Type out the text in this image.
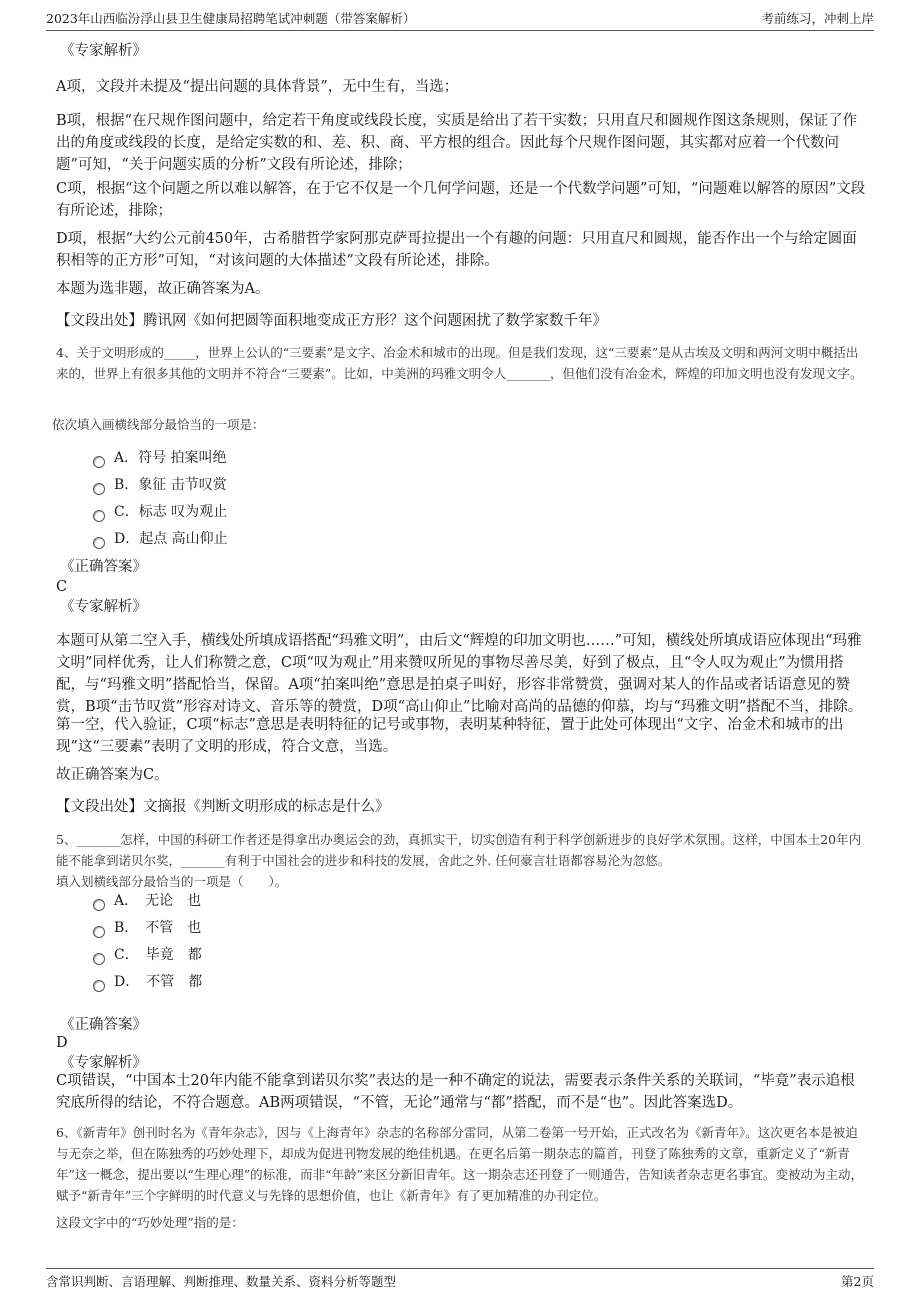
2023年山西临汾浮山县卫生健康局招聘笔试冲刺题（带答案解析）	考前练习，冲刺上岸

《专家解析》

A项，文段并未提及“提出问题的具体背景”，无中生有，当选；

B项，根据“在尺规作图问题中，给定若干角度或线段长度，实质是给出了若干实数；只用直尺和圆规作图这条规则，保证了作出的角度或线段的长度，是给定实数的和、差、积、商、平方根的组合。因此每个尺规作图问题，其实都对应着一个代数问题”可知，“关于问题实质的分析”文段有所论述，排除；

C项，根据“这个问题之所以难以解答，在于它不仅是一个几何学问题，还是一个代数学问题”可知，“问题难以解答的原因”文段有所论述，排除；

D项，根据“大约公元前450年，古希腊哲学家阿那克萨哥拉提出一个有趣的问题：只用直尺和圆规，能否作出一个与给定圆面积相等的正方形”可知，“对该问题的大体描述”文段有所论述，排除。

本题为选非题，故正确答案为A。

【文段出处】腾讯网《如何把圆等面积地变成正方形？这个问题困扰了数学家数千年》

4、关于文明形成的_____，世界上公认的“三要素”是文字、冶金术和城市的出现。但是我们发现，这“三要素”是从古埃及文明和两河文明中概括出来的，世界上有很多其他的文明并不符合“三要素”。比如，中美洲的玛雅文明令人_______，但他们没有冶金术，辉煌的印加文明也没有发现文字。

依次填入画横线部分最恰当的一项是：

A．符号 拍案叫绝
B．象征 击节叹赏
C．标志 叹为观止
D．起点 高山仰止

《正确答案》

C

《专家解析》

本题可从第二空入手，横线处所填成语搭配“玛雅文明”，由后文“辉煌的印加文明也……”可知，横线处所填成语应体现出“玛雅文明”同样优秀，让人们称赞之意，C项“叹为观止”用来赞叹所见的事物尽善尽美，好到了极点，且“令人叹为观止”为惯用搭配，与“玛雅文明”搭配恰当，保留。A项“拍案叫绝”意思是拍桌子叫好，形容非常赞赏，强调对某人的作品或者话语意见的赞赏，B项“击节叹赏”形容对诗文、音乐等的赞赏，D项“高山仰止”比喻对高尚的品德的仰慕，均与“玛雅文明”搭配不当，排除。

第一空，代入验证，C项“标志”意思是表明特征的记号或事物，表明某种特征，置于此处可体现出“文字、冶金术和城市的出现”这“三要素”表明了文明的形成，符合文意，当选。

故正确答案为C。

【文段出处】文摘报《判断文明形成的标志是什么》

5、_______怎样，中国的科研工作者还是得拿出办奥运会的劲，真抓实干，切实创造有利于科学创新进步的良好学术氛围。这样，中国本土20年内能不能拿到诺贝尔奖，_______有利于中国社会的进步和科技的发展，舍此之外. 任何豪言壮语都容易沦为忽悠。

填入划横线部分最恰当的一项是（　　）。

A．　无论　也
B．　不管　也
C．　毕竟　都
D．　不管　都

《正确答案》

D

《专家解析》

C项错误，“中国本土20年内能不能拿到诺贝尔奖”表达的是一种不确定的说法，需要表示条件关系的关联词，“毕竟”表示追根究底所得的结论，不符合题意。AB两项错误，“不管，无论”通常与“都”搭配，而不是“也”。因此答案选D。

6、《新青年》创刊时名为《青年杂志》，因与《上海青年》杂志的名称部分雷同，从第二卷第一号开始，正式改名为《新青年》。这次更名本是被迫与无奈之举，但在陈独秀的巧妙处理下，却成为促进刊物发展的绝佳机遇。在更名后第一期杂志的篇首，刊登了陈独秀的文章，重新定义了“新青年”这一概念，提出要以“生理心理”的标准，而非“年龄”来区分新旧青年。这一期杂志还刊登了一则通告，告知读者杂志更名事宜。变被动为主动，赋予“新青年”三个字鲜明的时代意义与先锋的思想价值，也让《新青年》有了更加精准的办刊定位。

这段文字中的“巧妙处理”指的是：

含常识判断、言语理解、判断推理、数量关系、资料分析等题型	第2页
